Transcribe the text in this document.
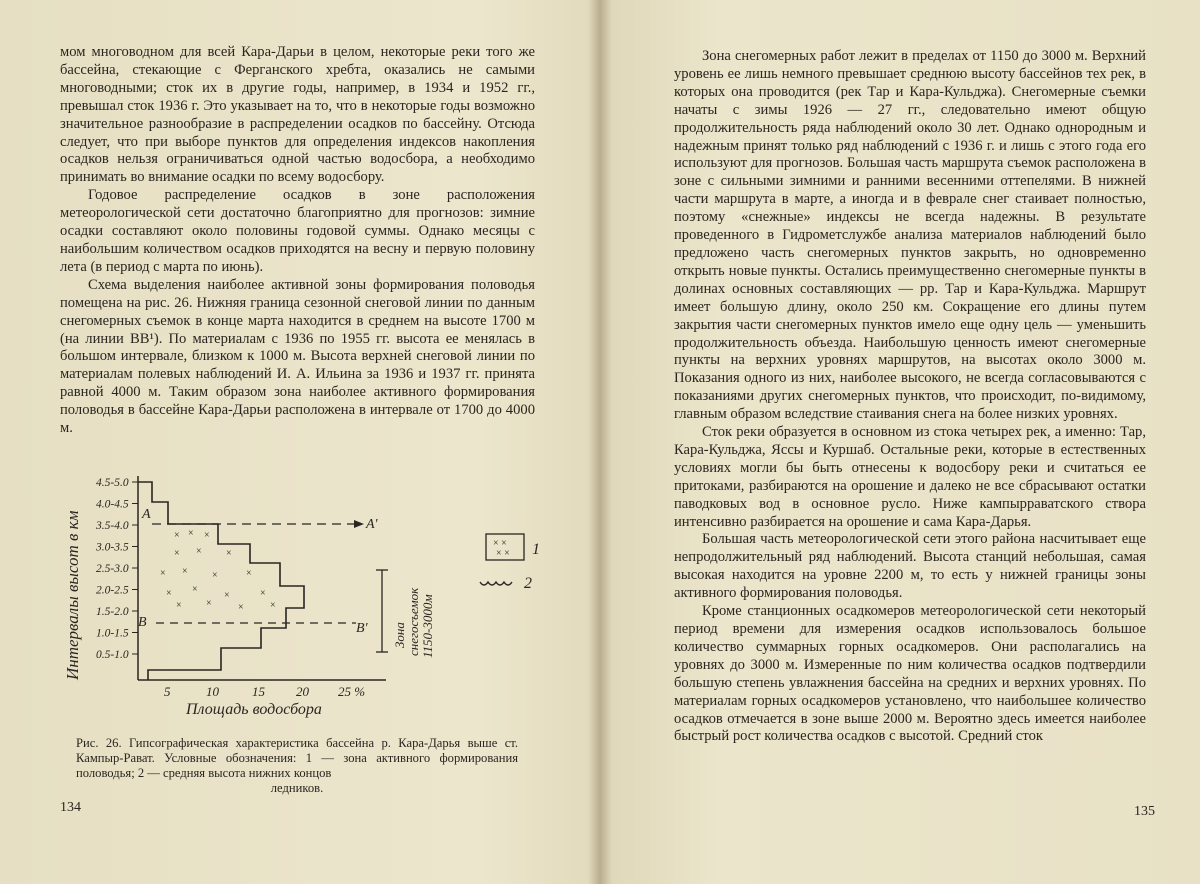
мом многоводном для всей Кара-Дарьи в целом, некоторые реки того же бассейна, стекающие с Ферганского хребта, оказались не самыми многоводными; сток их в другие годы, например, в 1934 и 1952 гг., превышал сток 1936 г. Это указывает на то, что в некоторые годы возможно значительное разнообразие в распределении осадков по бассейну. Отсюда следует, что при выборе пунктов для определения индексов накопления осадков нельзя ограничиваться одной частью водосбора, а необходимо принимать во внимание осадки по всему водосбору.

Годовое распределение осадков в зоне расположения метеорологической сети достаточно благоприятно для прогнозов: зимние осадки составляют около половины годовой суммы. Однако месяцы с наибольшим количеством осадков приходятся на весну и первую половину лета (в период с марта по июнь).

Схема выделения наиболее активной зоны формирования половодья помещена на рис. 26. Нижняя граница сезонной снеговой линии по данным снегомерных съемок в конце марта находится в среднем на высоте 1700 м (на линии ВВ¹). По материалам с 1936 по 1955 гг. высота ее менялась в большом интервале, близком к 1000 м. Высота верхней снеговой линии по материалам полевых наблюдений И. А. Ильина за 1936 и 1937 гг. принята равной 4000 м. Таким образом зона наиболее активного формирования половодья в бассейне Кара-Дарьи расположена в интервале от 1700 до 4000 м.

Интервалы высот в км
4.5-5.0
4.0-4.5
3.5-4.0
3.0-3.5
2.5-3.0
2.0-2.5
1.5-2.0
1.0-1.5
0.5-1.0
5	10	15 20 25 %
Площадь водосбора
× × ×
× × ×
× × ×	×
× ×
×	×
× ×	×	×
А
А'
В	В' Зона снегосъемок 1150-3000м
× ×
× × 1
2

Рис. 26. Гипсографическая характеристика бассейна р. Кара-Дарья выше ст. Кампыр-Рават. Условные обозначения: 1 — зона активного формирования половодья; 2 — средняя высота нижних концов

ледников.

134

Зона снегомерных работ лежит в пределах от 1150 до 3000 м. Верхний уровень ее лишь немного превышает среднюю высоту бассейнов тех рек, в которых она проводится (рек Тар и Кара-Кульджа). Снегомерные съемки начаты с зимы 1926 — 27 гг., следовательно имеют общую продолжительность ряда наблюдений около 30 лет. Однако однородным и надежным принят только ряд наблюдений с 1936 г. и лишь с этого года его используют для прогнозов. Большая часть маршрута съемок расположена в зоне с сильными зимними и ранними весенними оттепелями. В нижней части маршрута в марте, а иногда и в феврале снег стаивает полностью, поэтому «снежные» индексы не всегда надежны. В результате проведенного в Гидрометслужбе анализа материалов наблюдений было предложено часть снегомерных пунктов закрыть, но одновременно открыть новые пункты. Остались преимущественно снегомерные пункты в долинах основных составляющих — рр. Тар и Кара-Кульджа. Маршрут имеет большую длину, около 250 км. Сокращение его длины путем закрытия части снегомерных пунктов имело еще одну цель — уменьшить продолжительность объезда. Наибольшую ценность имеют снегомерные пункты на верхних уровнях маршрутов, на высотах около 3000 м. Показания одного из них, наиболее высокого, не всегда согласовываются с показаниями других снегомерных пунктов, что происходит, по-видимому, главным образом вследствие стаивания снега на более низких уровнях.

Сток реки образуется в основном из стока четырех рек, а именно: Тар, Кара-Кульджа, Яссы и Куршаб. Остальные реки, которые в естественных условиях могли бы быть отнесены к водосбору реки и считаться ее притоками, разбираются на орошение и далеко не все сбрасывают остатки паводковых вод в основное русло. Ниже кампырраватского створа интенсивно разбирается на орошение и сама Кара-Дарья.

Большая часть метеорологической сети этого района насчитывает еще непродолжительный ряд наблюдений. Высота станций небольшая, самая высокая находится на уровне 2200 м, то есть у нижней границы зоны активного формирования половодья.

Кроме станционных осадкомеров метеорологической сети некоторый период времени для измерения осадков использовалось большое количество суммарных горных осадкомеров. Они располагались на уровнях до 3000 м. Измеренные по ним количества осадков подтвердили большую степень увлажнения бассейна на средних и верхних уровнях. По материалам горных осадкомеров установлено, что наибольшее количество осадков отмечается в зоне выше 2000 м. Вероятно здесь имеется наиболее быстрый рост количества осадков с высотой. Средний сток

135
